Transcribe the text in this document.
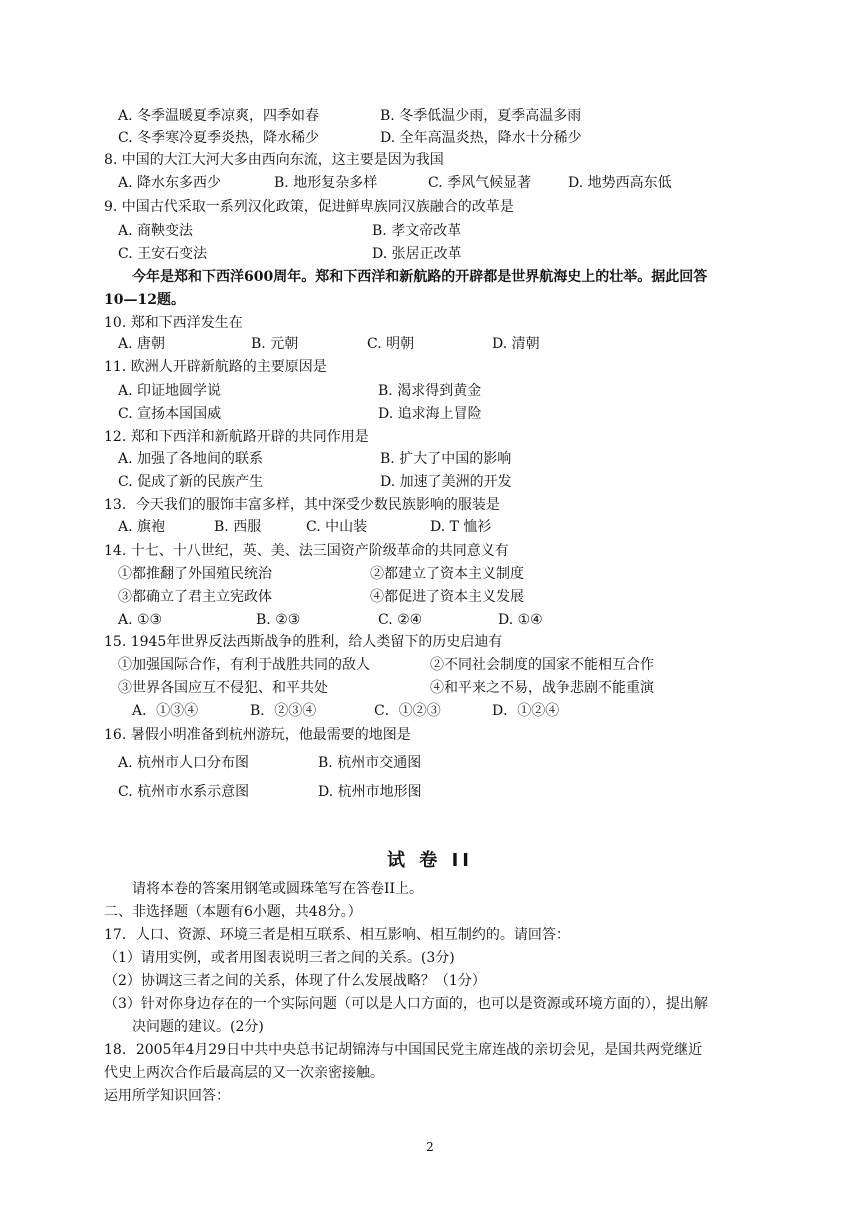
A. 冬季温暖夏季凉爽，四季如春	B. 冬季低温少雨，夏季高温多雨
C. 冬季寒冷夏季炎热，降水稀少	D. 全年高温炎热，降水十分稀少
8. 中国的大江大河大多由西向东流，这主要是因为我国
A. 降水东多西少	B. 地形复杂多样	C. 季风气候显著	D. 地势西高东低
9. 中国古代采取一系列汉化政策，促进鲜卑族同汉族融合的改革是
A. 商鞅变法	B. 孝文帝改革
C. 王安石变法	D. 张居正改革
今年是郑和下西洋600周年。郑和下西洋和新航路的开辟都是世界航海史上的壮举。据此回答
10—12题。
10. 郑和下西洋发生在
A. 唐朝	B. 元朝	C. 明朝	D. 清朝
11. 欧洲人开辟新航路的主要原因是
A. 印证地圆学说	B. 渴求得到黄金
C. 宣扬本国国威	D. 追求海上冒险
12. 郑和下西洋和新航路开辟的共同作用是
A. 加强了各地间的联系	B. 扩大了中国的影响
C. 促成了新的民族产生	D. 加速了美洲的开发
13．今天我们的服饰丰富多样，其中深受少数民族影响的服装是
A. 旗袍	B. 西服	C. 中山装	D. T 恤衫
14. 十七、十八世纪，英、美、法三国资产阶级革命的共同意义有
①都推翻了外国殖民统治	②都建立了资本主义制度
③都确立了君主立宪政体	④都促进了资本主义发展
A. ①③	B. ②③	C. ②④	D. ①④
15. 1945年世界反法西斯战争的胜利，给人类留下的历史启迪有
①加强国际合作，有利于战胜共同的敌人	②不同社会制度的国家不能相互合作
③世界各国应互不侵犯、和平共处	④和平来之不易，战争悲剧不能重演
A．①③④	B．②③④	C．①②③	D．①②④
16. 暑假小明准备到杭州游玩，他最需要的地图是
A. 杭州市人口分布图	B. 杭州市交通图
C. 杭州市水系示意图	D. 杭州市地形图
试 卷 II
请将本卷的答案用钢笔或圆珠笔写在答卷II上。
二、非选择题（本题有6小题，共48分。）
17．人口、资源、环境三者是相互联系、相互影响、相互制约的。请回答：
（1）请用实例，或者用图表说明三者之间的关系。(3分)
（2）协调这三者之间的关系，体现了什么发展战略？（1分）
（3）针对你身边存在的一个实际问题（可以是人口方面的，也可以是资源或环境方面的），提出解
决问题的建议。(2分)
18．2005年4月29日中共中央总书记胡锦涛与中国国民党主席连战的亲切会见，是国共两党继近
代史上两次合作后最高层的又一次亲密接触。
运用所学知识回答：
2
